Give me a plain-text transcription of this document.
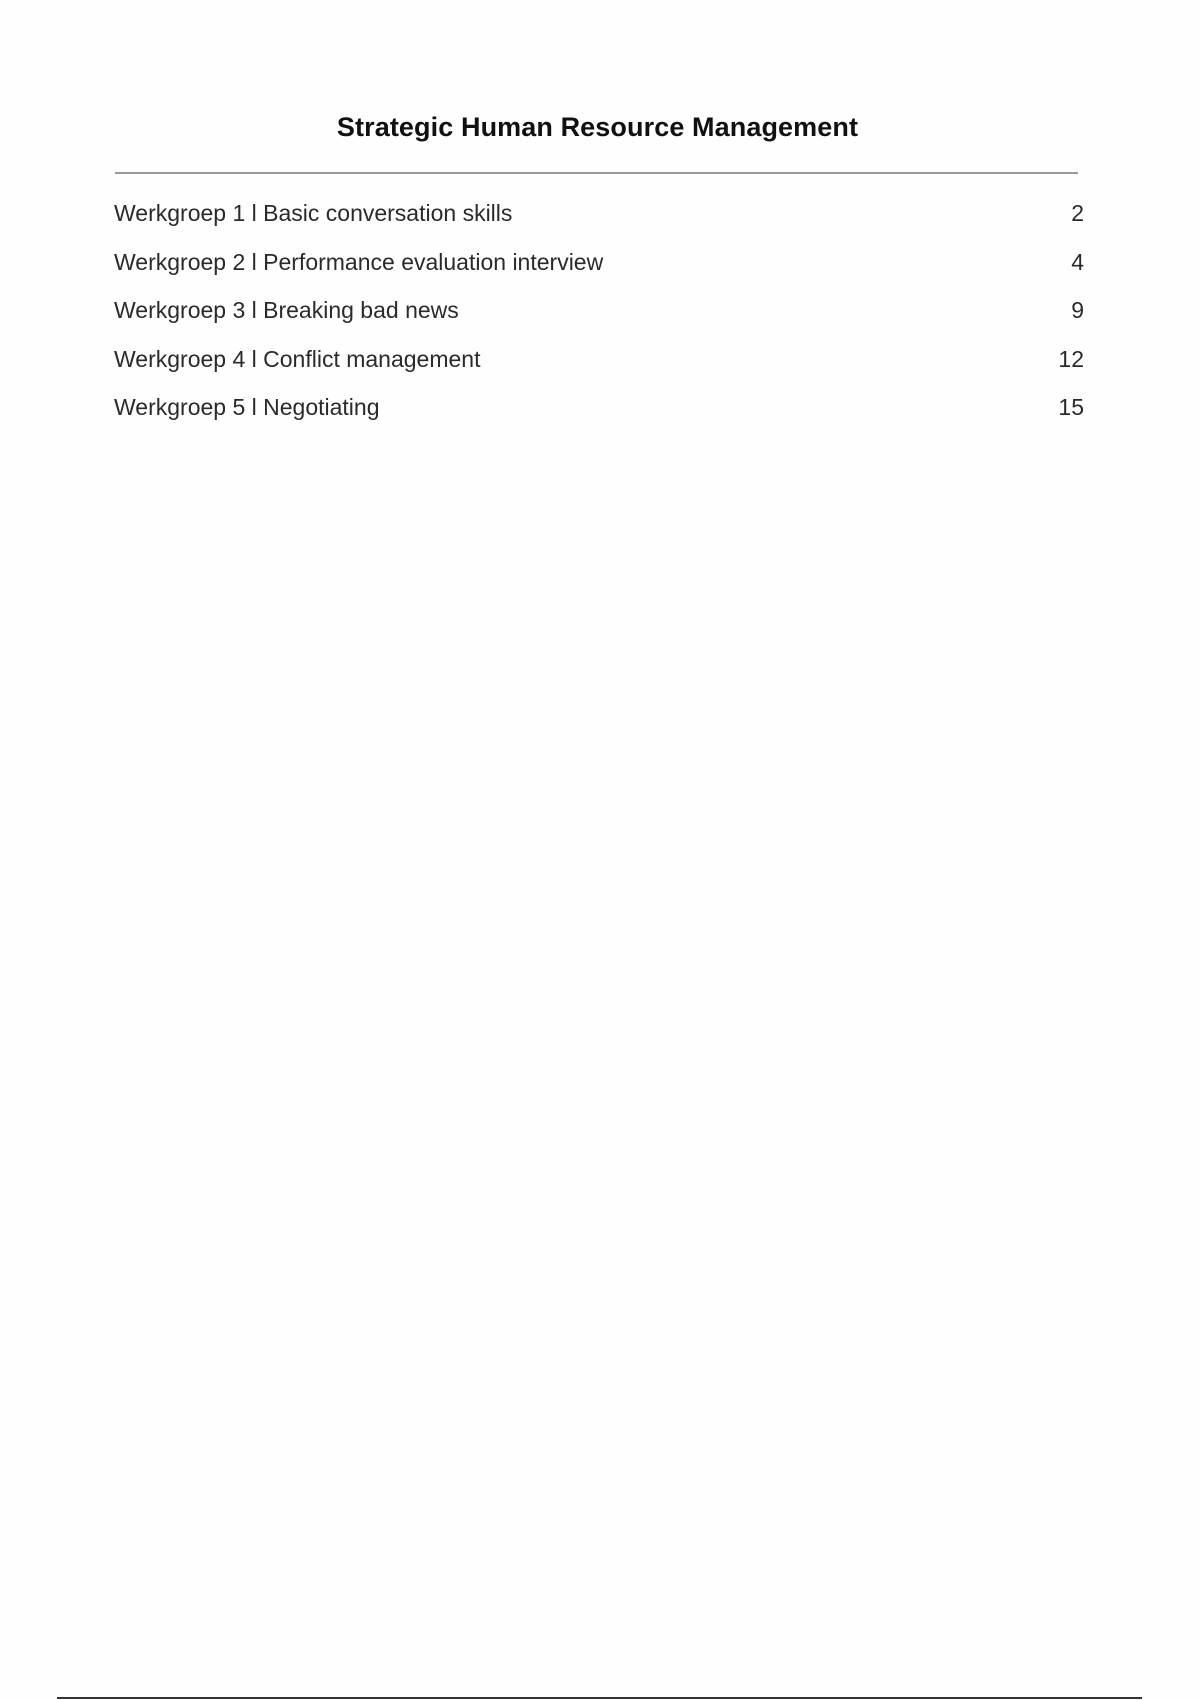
Strategic Human Resource Management
Werkgroep 1 l Basic conversation skills	2
Werkgroep 2 l Performance evaluation interview	4
Werkgroep 3 l Breaking bad news	9
Werkgroep 4 l Conflict management	12
Werkgroep 5 l Negotiating	15
